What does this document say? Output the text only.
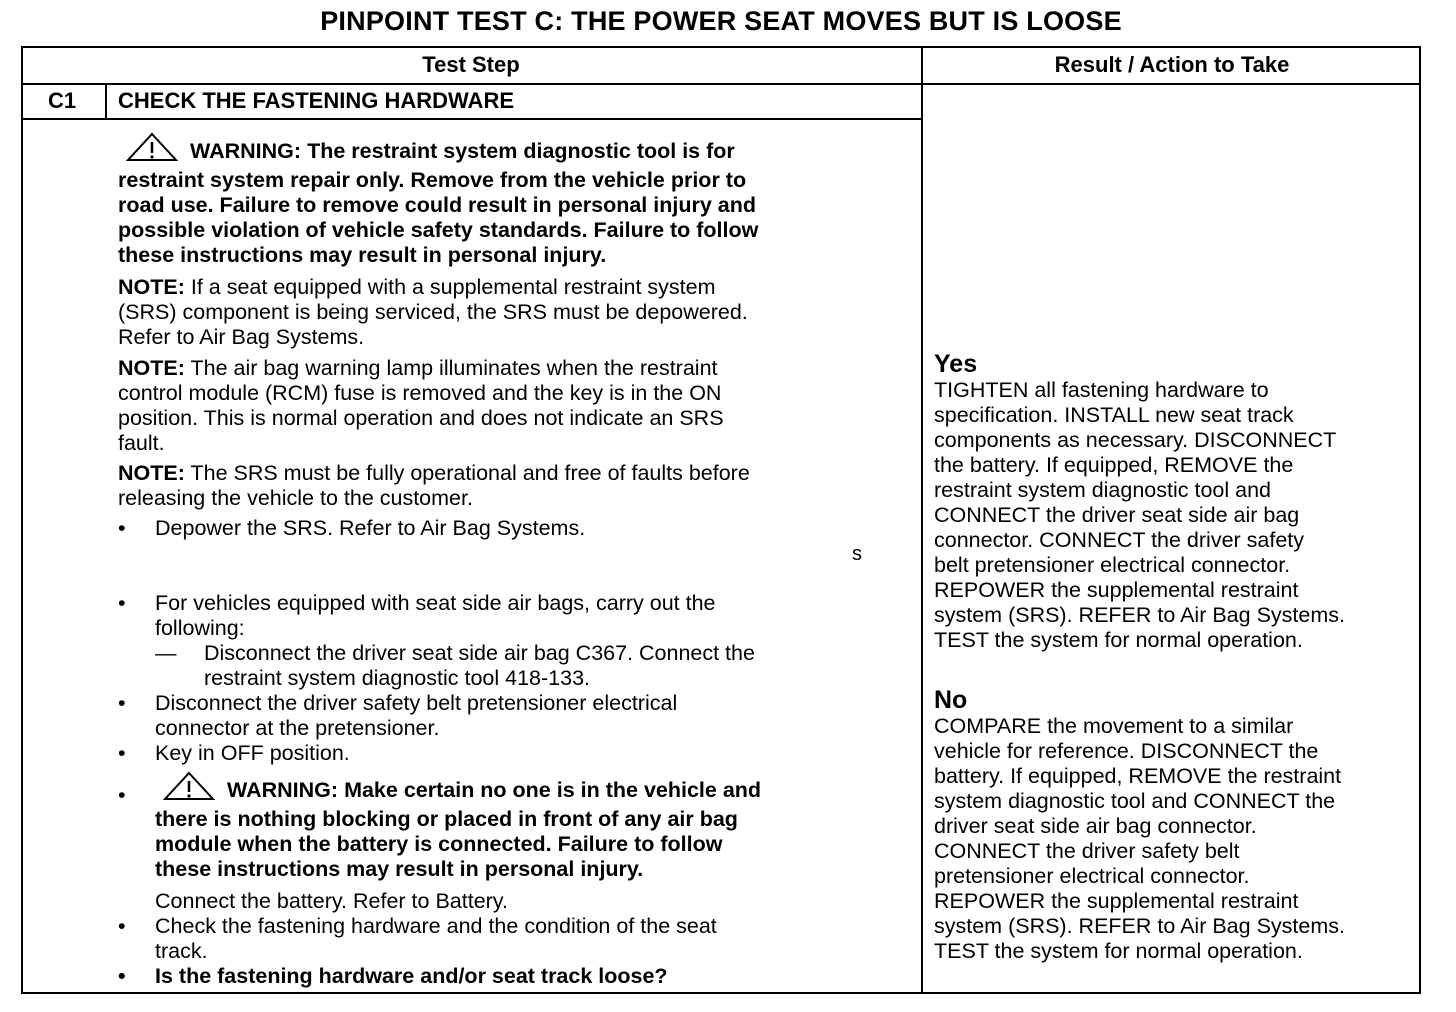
PINPOINT TEST C: THE POWER SEAT MOVES BUT IS LOOSE
Test Step	Result / Action to Take
C1 CHECK THE FASTENING HARDWARE
WARNING: The restraint system diagnostic tool is for
restraint system repair only. Remove from the vehicle prior to
road use. Failure to remove could result in personal injury and
possible violation of vehicle safety standards. Failure to follow
these instructions may result in personal injury.
NOTE: If a seat equipped with a supplemental restraint system
(SRS) component is being serviced, the SRS must be depowered.
Refer to Air Bag Systems.
NOTE: The air bag warning lamp illuminates when the restraint
control module (RCM) fuse is removed and the key is in the ON
position. This is normal operation and does not indicate an SRS
fault.
NOTE: The SRS must be fully operational and free of faults before
releasing the vehicle to the customer.
• Depower the SRS. Refer to Air Bag Systems.
s
• For vehicles equipped with seat side air bags, carry out the
following:
— Disconnect the driver seat side air bag C367. Connect the
restraint system diagnostic tool 418-133.
• Disconnect the driver safety belt pretensioner electrical
connector at the pretensioner.
• Key in OFF position.
•	WARNING: Make certain no one is in the vehicle and
there is nothing blocking or placed in front of any air bag
module when the battery is connected. Failure to follow
these instructions may result in personal injury.
Connect the battery. Refer to Battery.
• Check the fastening hardware and the condition of the seat
track.
• Is the fastening hardware and/or seat track loose?
Yes
TIGHTEN all fastening hardware to
specification. INSTALL new seat track
components as necessary. DISCONNECT
the battery. If equipped, REMOVE the
restraint system diagnostic tool and
CONNECT the driver seat side air bag
connector. CONNECT the driver safety
belt pretensioner electrical connector.
REPOWER the supplemental restraint
system (SRS). REFER to Air Bag Systems.
TEST the system for normal operation.
No
COMPARE the movement to a similar
vehicle for reference. DISCONNECT the
battery. If equipped, REMOVE the restraint
system diagnostic tool and CONNECT the
driver seat side air bag connector.
CONNECT the driver safety belt
pretensioner electrical connector.
REPOWER the supplemental restraint
system (SRS). REFER to Air Bag Systems.
TEST the system for normal operation.
